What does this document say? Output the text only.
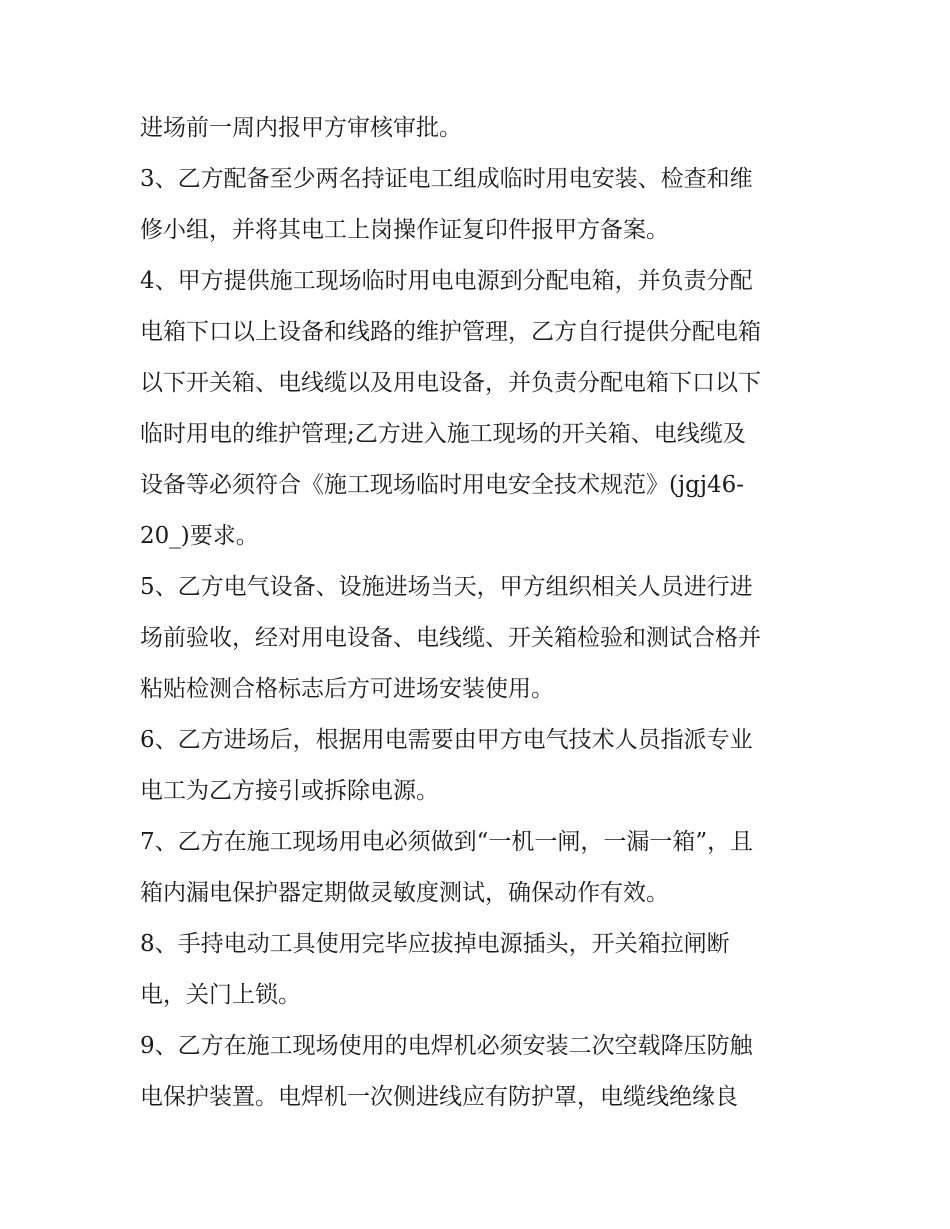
进场前一周内报甲方审核审批。
3、乙方配备至少两名持证电工组成临时用电安装、检查和维
修小组，并将其电工上岗操作证复印件报甲方备案。
4、甲方提供施工现场临时用电电源到分配电箱，并负责分配
电箱下口以上设备和线路的维护管理，乙方自行提供分配电箱
以下开关箱、电线缆以及用电设备，并负责分配电箱下口以下
临时用电的维护管理;乙方进入施工现场的开关箱、电线缆及
设备等必须符合《施工现场临时用电安全技术规范》(jgj46-
20_)要求。
5、乙方电气设备、设施进场当天，甲方组织相关人员进行进
场前验收，经对用电设备、电线缆、开关箱检验和测试合格并
粘贴检测合格标志后方可进场安装使用。
6、乙方进场后，根据用电需要由甲方电气技术人员指派专业
电工为乙方接引或拆除电源。
7、乙方在施工现场用电必须做到“一机一闸，一漏一箱”，且
箱内漏电保护器定期做灵敏度测试，确保动作有效。
8、手持电动工具使用完毕应拔掉电源插头，开关箱拉闸断
电，关门上锁。
9、乙方在施工现场使用的电焊机必须安装二次空载降压防触
电保护装置。电焊机一次侧进线应有防护罩，电缆线绝缘良
